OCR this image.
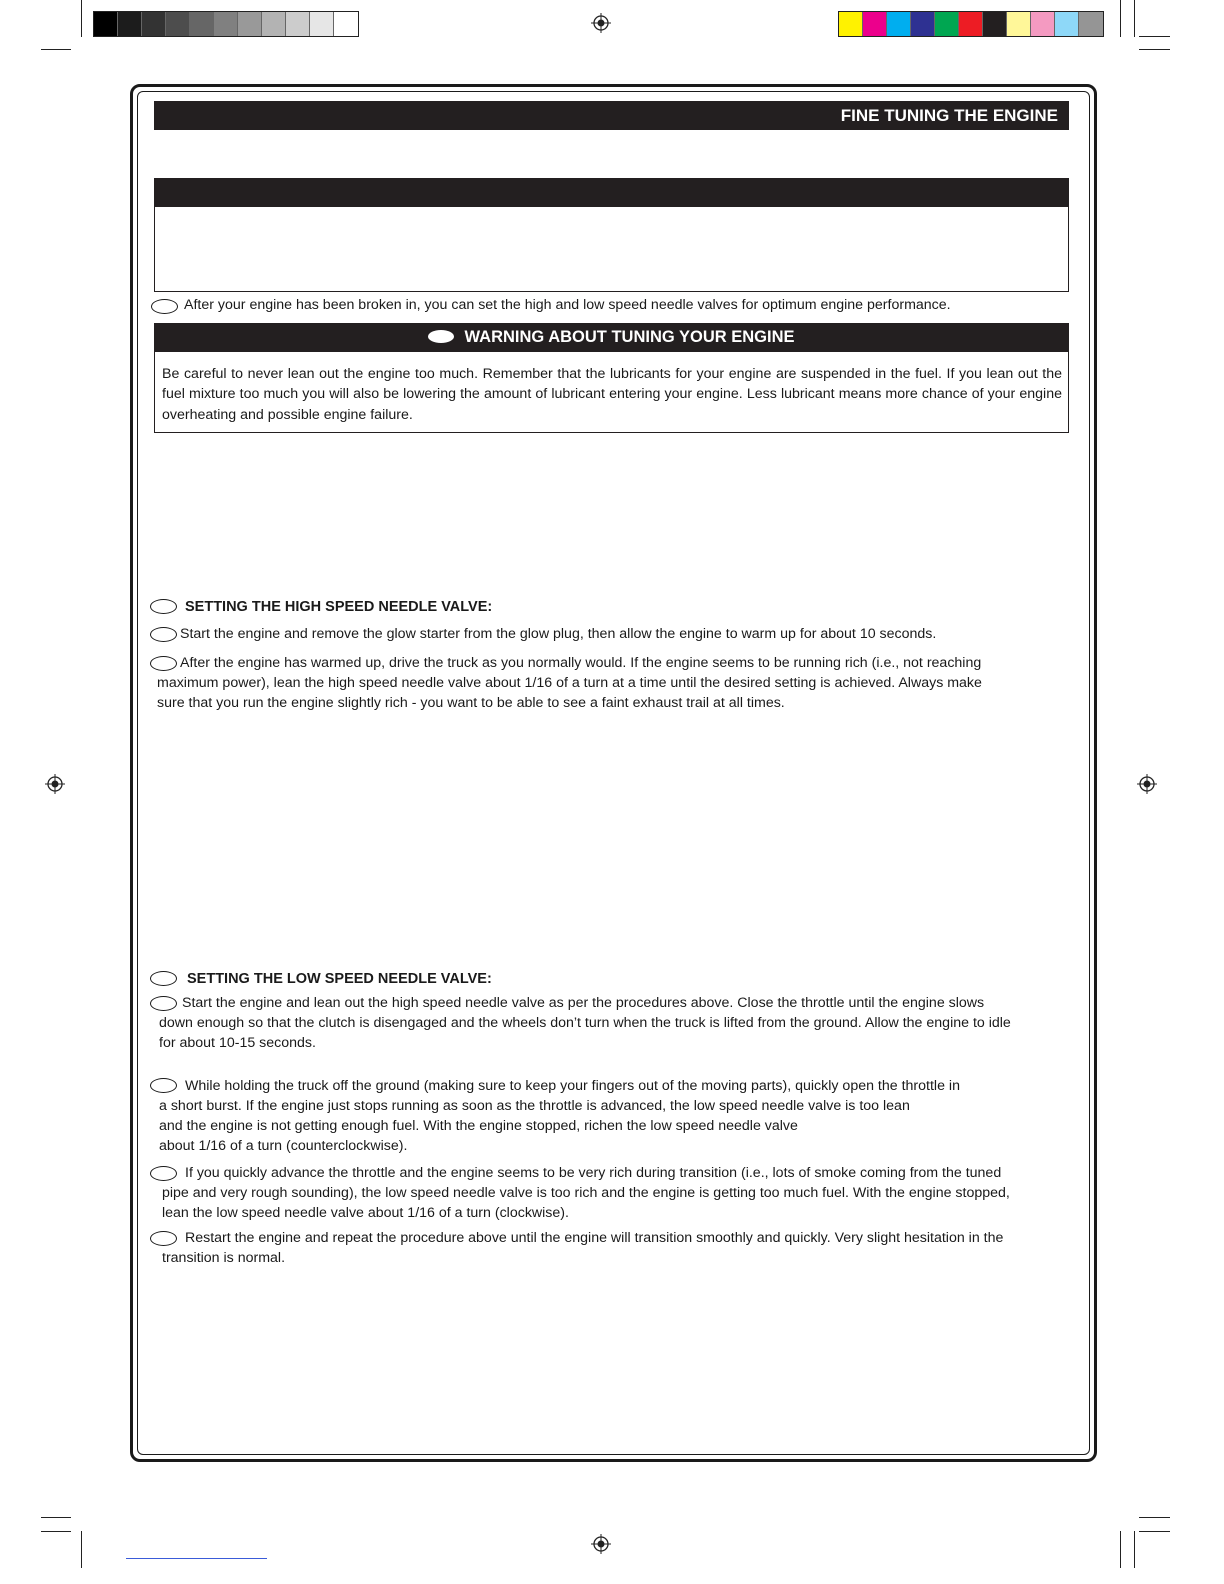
FINE TUNING THE ENGINE
After your engine has been broken in, you can set the high and low speed needle valves for optimum engine performance.
WARNING ABOUT TUNING YOUR ENGINE
Be careful to never lean out the engine too much. Remember that the lubricants for your engine are suspended in the fuel. If you lean out the fuel mixture too much you will also be lowering the amount of lubricant entering your engine. Less lubricant means more chance of your engine overheating and possible engine failure.
SETTING THE HIGH SPEED NEEDLE VALVE:
Start the engine and remove the glow starter from the glow plug, then allow the engine to warm up for about 10 seconds.
After the engine has warmed up, drive the truck as you normally would. If the engine seems to be running rich (i.e., not reaching
maximum power), lean the high speed needle valve about 1/16 of a turn at a time until the desired setting is achieved. Always make
sure that you run the engine slightly rich - you want to be able to see a faint exhaust trail at all times.
SETTING THE LOW SPEED NEEDLE VALVE:
Start the engine and lean out the high speed needle valve as per the procedures above. Close the throttle until the engine slows
down enough so that the clutch is disengaged and the wheels don’t turn when the truck is lifted from the ground. Allow the engine to idle
for about 10-15 seconds.
While holding the truck off the ground (making sure to keep your fingers out of the moving parts), quickly open the throttle in
a short burst. If the engine just stops running as soon as the throttle is advanced, the low speed needle valve is too lean
and the engine is not getting enough fuel. With the engine stopped, richen the low speed needle valve
about 1/16 of a turn (counterclockwise).
If you quickly advance the throttle and the engine seems to be very rich during transition (i.e., lots of smoke coming from the tuned
pipe and very rough sounding), the low speed needle valve is too rich and the engine is getting too much fuel. With the engine stopped,
lean the low speed needle valve about 1/16 of a turn (clockwise).
Restart the engine and repeat the procedure above until the engine will transition smoothly and quickly. Very slight hesitation in the
transition is normal.
